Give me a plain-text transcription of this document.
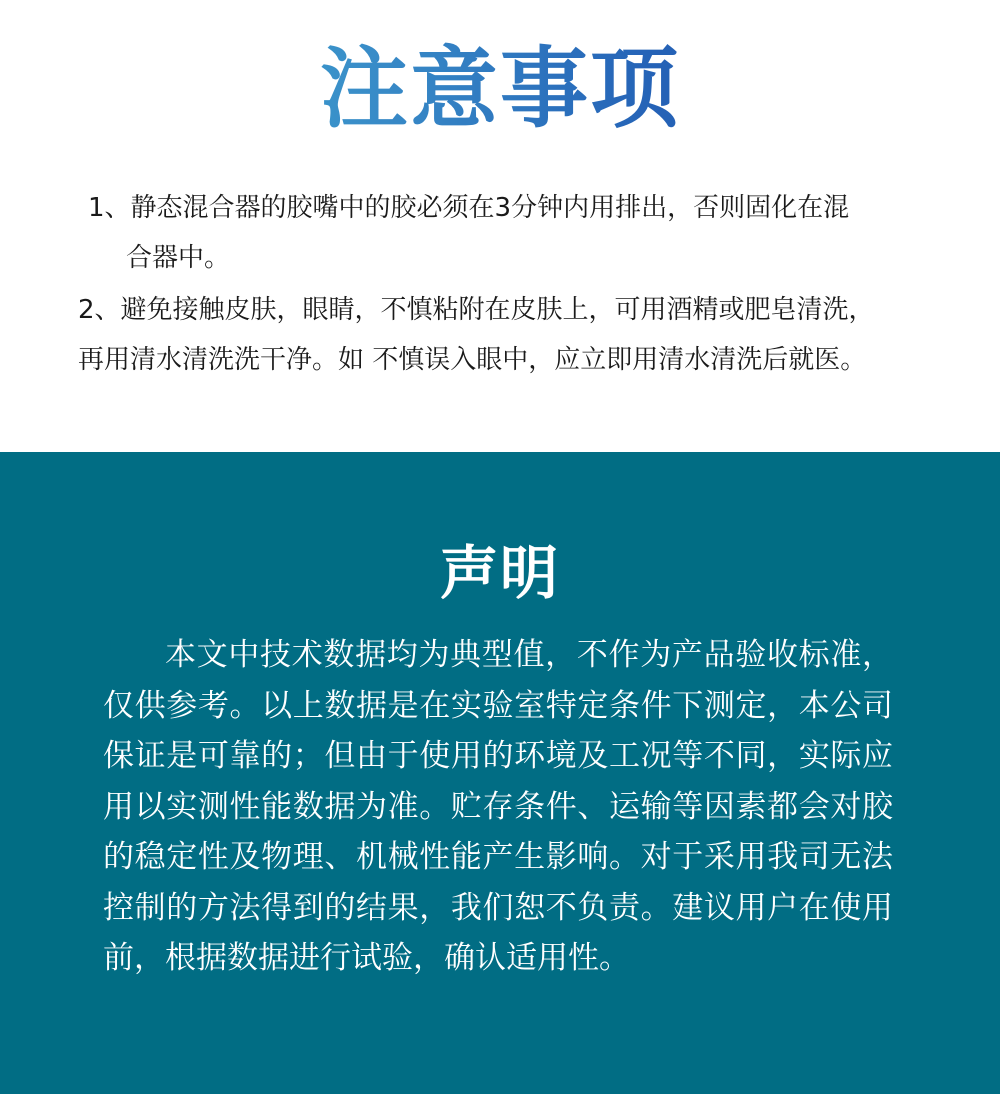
注意事项
1、静态混合器的胶嘴中的胶必须在3分钟内用排出，否则固化在混
合器中。
2、避免接触皮肤，眼睛，不慎粘附在皮肤上，可用酒精或肥皂清洗，
再用清水清洗洗干净。如 不慎误入眼中，应立即用清水清洗后就医。
声明

本文中技术数据均为典型值，不作为产品验收标准，仅供参考。以上数据是在实验室特定条件下测定，本公司保证是可靠的；但由于使用的环境及工况等不同，实际应用以实测性能数据为准。贮存条件、运输等因素都会对胶的稳定性及物理、机械性能产生影响。对于采用我司无法控制的方法得到的结果，我们恕不负责。建议用户在使用前，根据数据进行试验，确认适用性。
